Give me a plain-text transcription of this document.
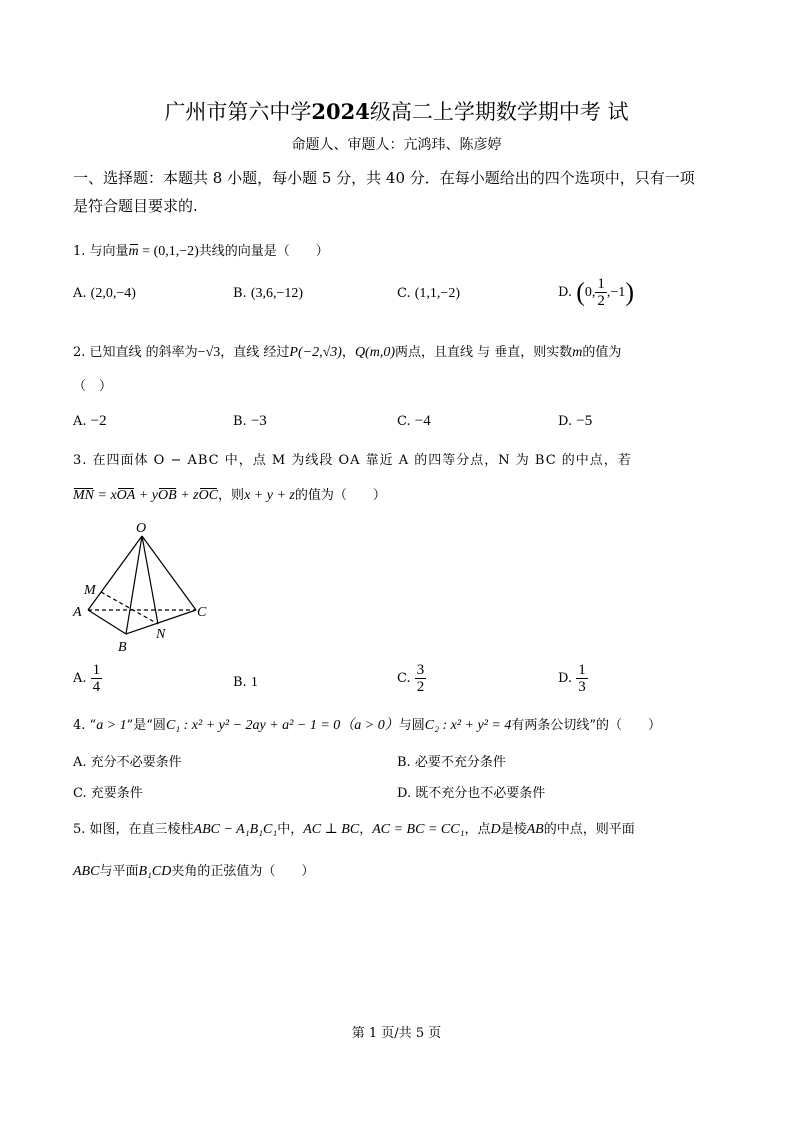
广州市第六中学2024级高二上学期数学期中考 试
命题人、审题人：亢鸿玮、陈彦婷
一、选择题：本题共 8 小题，每小题 5 分，共 40 分．在每小题给出的四个选项中，只有一项
是符合题目要求的.
1. 与向量m = (0,1,−2)共线的向量是（　　）
A. (2,0,−4)	B. (3,6,−12)	C. (1,1,−2)	D. (0, $\frac{1}{2} ,-1$)
2. 已知直线 的斜率为−√3，直线 经过P(−2,√3)，Q(m,0)两点，且直线 与 垂直，则实数m的值为
（　）
A. −2	B. −3	C. −4	D. −5
3. 在四面体 O − ABC 中，点 M 为线段 OA 靠近 A 的四等分点，N 为 BC 的中点，若
MN = xOA + yOB + zOC，则x + y + z的值为（　　）
O
M
A
B
C
N
A. $\frac{1}{4}$	B. 1	C. $\frac{3}{2}$	D. $\frac{1}{3}$
4. “a > 1”是“圆C₁ : x² + y² − 2ay + a² − 1 = 0（a > 0）与圆C₂ : x² + y² = 4有两条公切线”的（　　）
A. 充分不必要条件	B. 必要不充分条件
C. 充要条件	D. 既不充分也不必要条件
5. 如图，在直三棱柱ABC − A₁B₁C₁中，AC ⊥ BC，AC = BC = CC₁，点D是棱AB的中点，则平面
ABC与平面B₁CD夹角的正弦值为（　　）
第 1 页/共 5 页
